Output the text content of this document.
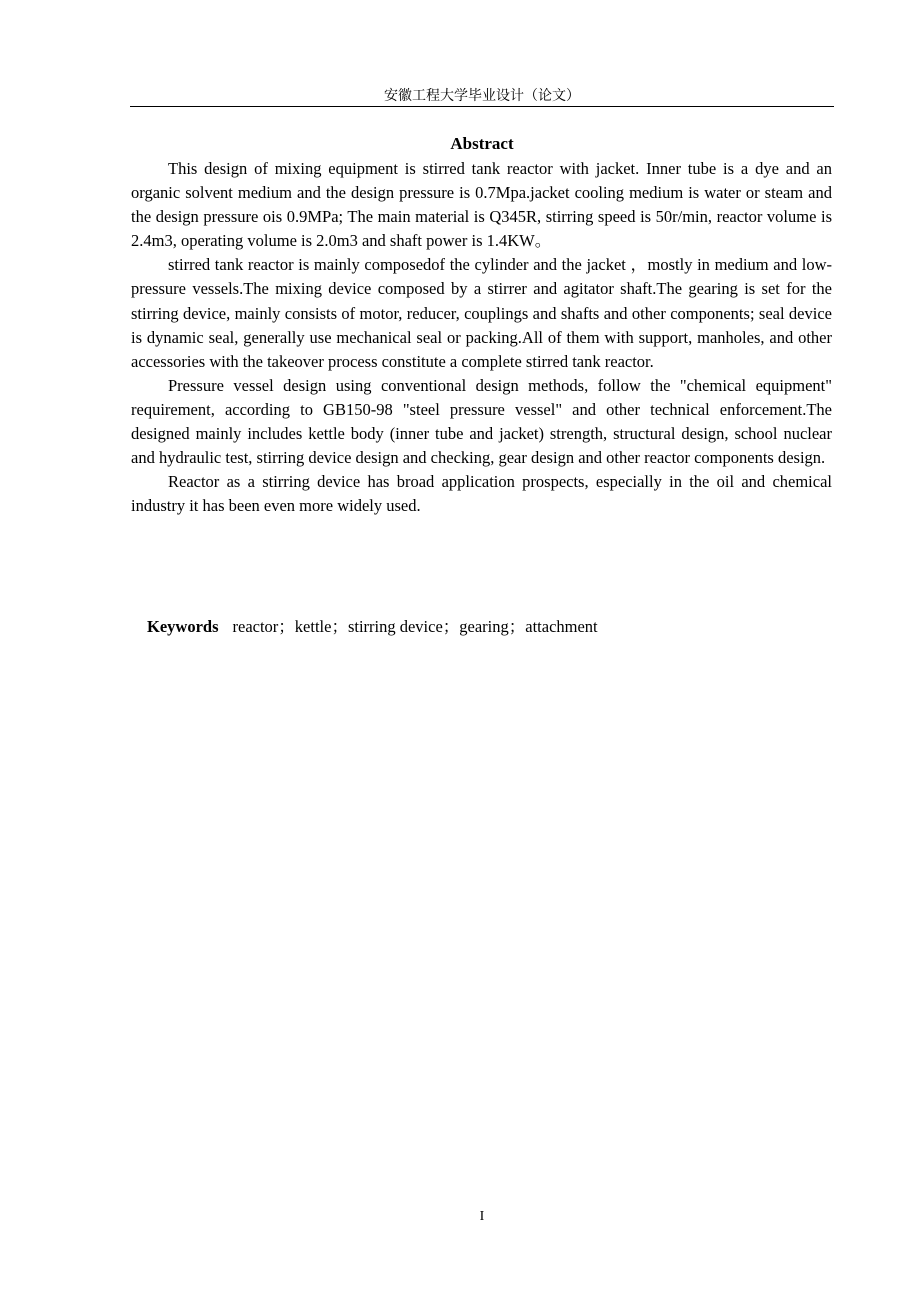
安徽工程大学毕业设计（论文）
Abstract

This design of mixing equipment is stirred tank reactor with jacket. Inner tube is a dye and an organic solvent medium and the design pressure is 0.7Mpa.jacket cooling medium is water or steam and the design pressure ois 0.9MPa; The main material is Q345R, stirring speed is 50r/min, reactor volume is 2.4m3, operating volume is 2.0m3 and shaft power is 1.4KW。

stirred tank reactor is mainly composedof the cylinder and the jacket ，mostly in medium and low-pressure vessels.The mixing device composed by a stirrer and agitator shaft.The gearing is set for the stirring device, mainly consists of motor, reducer, couplings and shafts and other components; seal device is dynamic seal, generally use mechanical seal or packing.All of them with support, manholes, and other accessories with the takeover process constitute a complete stirred tank reactor.

Pressure vessel design using conventional design methods, follow the "chemical equipment" requirement, according to GB150-98 "steel pressure vessel" and other technical enforcement.The designed mainly includes kettle body (inner tube and jacket) strength, structural design, school nuclear and hydraulic test, stirring device design and checking, gear design and other reactor components design.

Reactor as a stirring device has broad application prospects, especially in the oil and chemical industry it has been even more widely used.

Keywords reactor；kettle；stirring device；gearing；attachment
I
